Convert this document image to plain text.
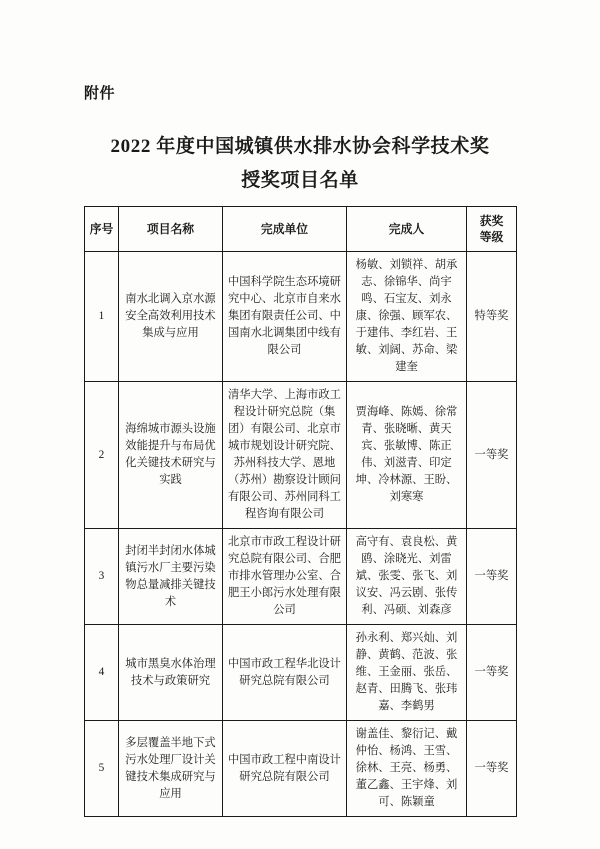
附件
2022 年度中国城镇供水排水协会科学技术奖
授奖项目名单
序号	项目名称	完成单位	完成人	获奖
等级

1	南水北调入京水源安全高效利用技术集成与应用	中国科学院生态环境研究中心、北京市自来水集团有限责任公司、中国南水北调集团中线有限公司	杨敏、刘锁祥、胡承志、徐锦华、尚宇鸣、石宝友、刘永康、徐强、顾军农、于建伟、李红岩、王敏、刘阔、苏命、梁建奎	特等奖
2	海绵城市源头设施效能提升与布局优化关键技术研究与实践	清华大学、上海市政工程设计研究总院（集团）有限公司、北京市城市规划设计研究院、苏州科技大学、恩地（苏州）勘察设计顾问有限公司、苏州同科工程咨询有限公司	贾海峰、陈嫣、徐常青、张晓晰、黄天宾、张敏博、陈正伟、刘滋青、印定坤、冷林源、王盼、刘寒寒	一等奖
3	封闭半封闭水体城镇污水厂主要污染物总量减排关键技术	北京市市政工程设计研究总院有限公司、合肥市排水管理办公室、合肥王小郎污水处理有限公司	高守有、袁良松、黄鸥、涂晓光、刘雷斌、张雯、张飞、刘议安、冯云剧、张传利、冯硕、刘森彦	一等奖
4	城市黑臭水体治理技术与政策研究	中国市政工程华北设计研究总院有限公司	孙永利、郑兴灿、刘静、黄鹤、范波、张维、王金丽、张岳、赵青、田腾飞、张玮嘉、李鹤男	一等奖
5	多层覆盖半地下式污水处理厂设计关键技术集成研究与应用	中国市政工程中南设计研究总院有限公司	谢盖佳、黎衍记、戴仲怡、杨鸿、王雪、徐林、王亮、杨勇、董乙鑫、王宇烽、刘可、陈颖童	一等奖
